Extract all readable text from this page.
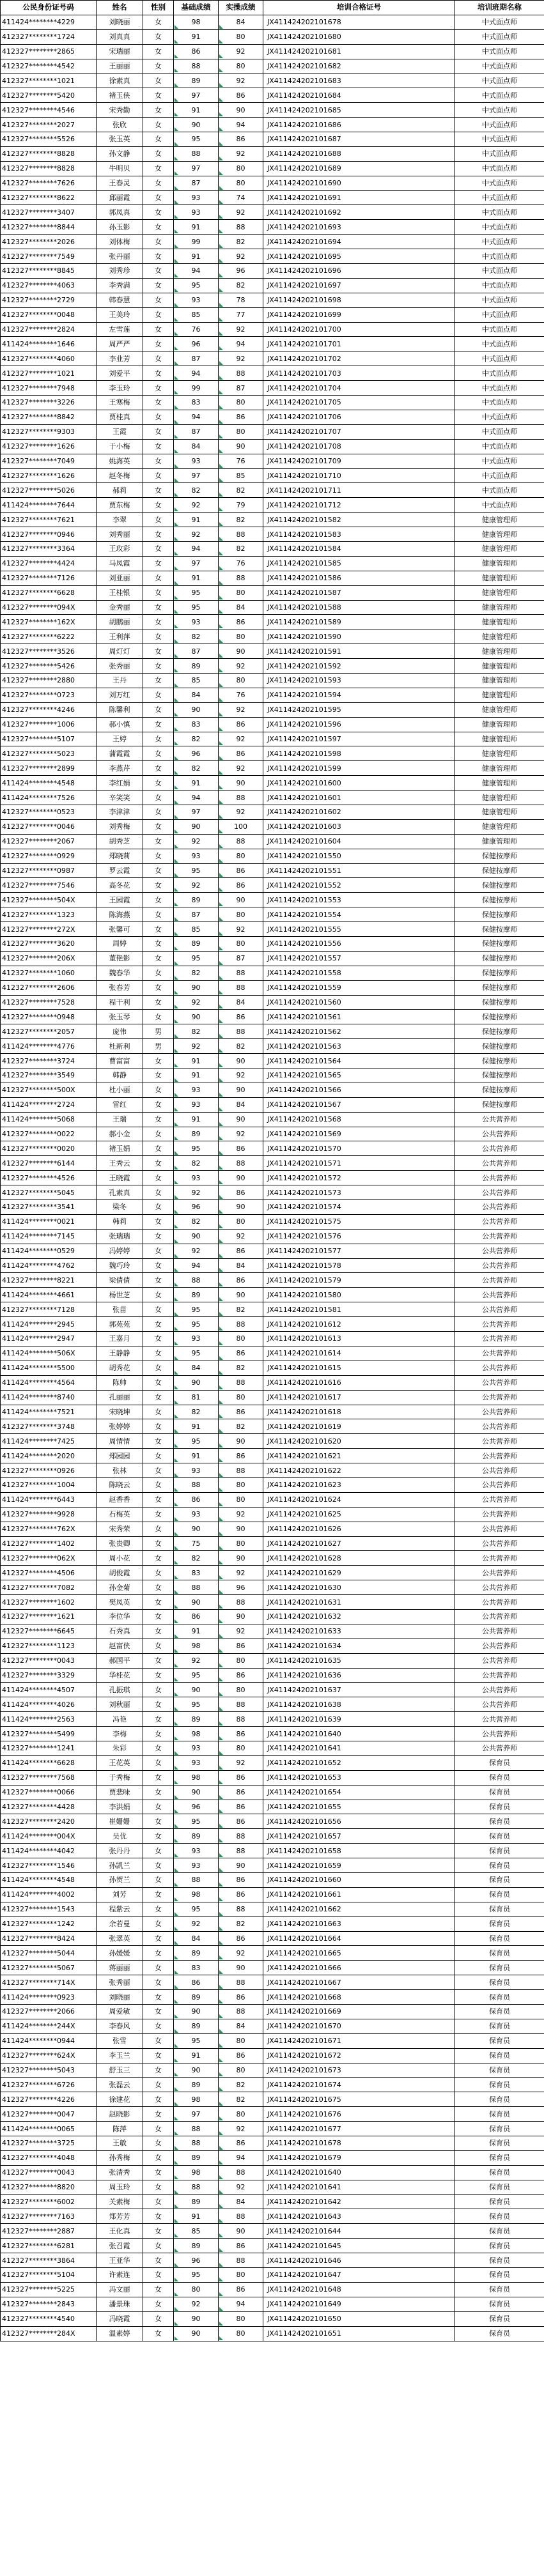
公民身份证号码	姓名	性别	基础成绩	实操成绩	培训合格证号	培训班期名称
411424********4229	刘晓丽	女	98	84	JX411424202101678	中式面点师
412327********1724	刘真真	女	91	80	JX411424202101680	中式面点师
412327********2865	宋瑞丽	女	86	92	JX411424202101681	中式面点师
412327********4542	王丽丽	女	88	80	JX411424202101682	中式面点师
412327********1021	徐素真	女	89	92	JX411424202101683	中式面点师
412327********5420	褚玉侠	女	97	86	JX411424202101684	中式面点师
412327********4546	宋秀勤	女	91	90	JX411424202101685	中式面点师
412327********2027	张欣	女	90	94	JX411424202101686	中式面点师
412327********5526	张玉英	女	95	86	JX411424202101687	中式面点师
412327********8828	孙文静	女	88	92	JX411424202101688	中式面点师
412327********8828	牛明贝	女	97	80	JX411424202101689	中式面点师
412327********7626	王春灵	女	87	80	JX411424202101690	中式面点师
412327********8622	邱丽霞	女	93	74	JX411424202101691	中式面点师
412327********3407	郭凤真	女	93	92	JX411424202101692	中式面点师
412327********8844	孙玉影	女	91	88	JX411424202101693	中式面点师
412327********2026	刘体梅	女	99	82	JX411424202101694	中式面点师
412327********7549	张丹丽	女	91	92	JX411424202101695	中式面点师
412327********8845	刘秀珍	女	94	96	JX411424202101696	中式面点师
412327********4063	李秀满	女	95	82	JX411424202101697	中式面点师
412327********2729	韩春慧	女	93	78	JX411424202101698	中式面点师
412327********0048	王美玲	女	85	77	JX411424202101699	中式面点师
412327********2824	左雪莲	女	76	92	JX411424202101700	中式面点师
411424********1646	周严严	女	96	94	JX411424202101701	中式面点师
412327********4060	李业芳	女	87	92	JX411424202101702	中式面点师
412327********1021	刘爱平	女	94	88	JX411424202101703	中式面点师
412327********7948	李玉玲	女	99	87	JX411424202101704	中式面点师
412327********3226	王寒梅	女	83	80	JX411424202101705	中式面点师
412327********8842	贾桂真	女	94	86	JX411424202101706	中式面点师
412327********9303	王霞	女	87	80	JX411424202101707	中式面点师
412327********1626	于小梅	女	84	90	JX411424202101708	中式面点师
412327********7049	姚海英	女	93	76	JX411424202101709	中式面点师
412327********1626	赵冬梅	女	97	85	JX411424202101710	中式面点师
412327********5026	郝莉	女	82	82	JX411424202101711	中式面点师
411424********7644	贾东梅	女	92	79	JX411424202101712	中式面点师
412327********7621	李翠	女	91	82	JX411424202101582	健康管理师
412327********0946	刘秀丽	女	92	88	JX411424202101583	健康管理师
412327********3364	王玫彩	女	94	82	JX411424202101584	健康管理师
412327********4424	马凤霞	女	97	76	JX411424202101585	健康管理师
412327********7126	刘亚丽	女	91	88	JX411424202101586	健康管理师
412327********6628	王桂银	女	95	80	JX411424202101587	健康管理师
412327********094X	金秀丽	女	95	84	JX411424202101588	健康管理师
412327********162X	胡鹏丽	女	93	86	JX411424202101589	健康管理师
412327********6222	王利萍	女	82	80	JX411424202101590	健康管理师
412327********3526	周灯灯	女	87	90	JX411424202101591	健康管理师
412327********5426	张秀丽	女	89	92	JX411424202101592	健康管理师
412327********2880	王丹	女	85	80	JX411424202101593	健康管理师
412327********0723	刘万红	女	84	76	JX411424202101594	健康管理师
412327********4246	陈馨利	女	90	92	JX411424202101595	健康管理师
412327********1006	郝小慎	女	83	86	JX411424202101596	健康管理师
412327********5107	王婷	女	82	92	JX411424202101597	健康管理师
412327********5023	蒲霞霞	女	96	86	JX411424202101598	健康管理师
412327********2899	李燕芹	女	82	92	JX411424202101599	健康管理师
411424********4548	李红娟	女	91	90	JX411424202101600	健康管理师
411424********7526	辛笑笑	女	94	88	JX411424202101601	健康管理师
412327********0523	李津津	女	97	92	JX411424202101602	健康管理师
412327********0046	刘秀梅	女	90	100	JX411424202101603	健康管理师
412327********2067	胡秀芝	女	92	88	JX411424202101604	健康管理师
412327********0929	郑晓莉	女	93	80	JX411424202101550	保健按摩师
412327********0987	罗云霞	女	95	86	JX411424202101551	保健按摩师
412327********7546	高冬花	女	92	86	JX411424202101552	保健按摩师
412327********504X	王园霞	女	89	90	JX411424202101553	保健按摩师
412327********1323	陈海燕	女	87	80	JX411424202101554	保健按摩师
412327********272X	张馨可	女	85	92	JX411424202101555	保健按摩师
412327********3620	周婷	女	89	80	JX411424202101556	保健按摩师
412327********206X	董艳影	女	95	87	JX411424202101557	保健按摩师
412327********1060	魏春华	女	82	88	JX411424202101558	保健按摩师
412327********2606	张春芳	女	90	88	JX411424202101559	保健按摩师
412327********7528	程干利	女	92	84	JX411424202101560	保健按摩师
412327********0948	张玉琴	女	90	86	JX411424202101561	保健按摩师
412327********2057	庞伟	男	82	88	JX411424202101562	保健按摩师
411424********4776	杜新利	男	92	82	JX411424202101563	保健按摩师
412327********3724	曹富富	女	91	90	JX411424202101564	保健按摩师
412327********3549	韩静	女	91	92	JX411424202101565	保健按摩师
412327********500X	杜小丽	女	93	90	JX411424202101566	保健按摩师
411424********2724	雷红	女	93	84	JX411424202101567	保健按摩师
411424********5068	王瑞	女	91	90	JX411424202101568	公共营养师
412327********0022	郝小金	女	89	92	JX411424202101569	公共营养师
412327********0020	褚玉娟	女	95	86	JX411424202101570	公共营养师
412327********6144	王秀云	女	82	88	JX411424202101571	公共营养师
412327********4526	王晓霞	女	93	90	JX411424202101572	公共营养师
412327********5045	孔素真	女	92	86	JX411424202101573	公共营养师
412327********3541	梁冬	女	96	90	JX411424202101574	公共营养师
411424********0021	韩莉	女	82	80	JX411424202101575	公共营养师
411424********7145	张瑞瑞	女	90	92	JX411424202101576	公共营养师
411424********0529	冯婷婷	女	92	86	JX411424202101577	公共营养师
411424********4762	魏巧玲	女	94	84	JX411424202101578	公共营养师
412327********8221	梁倩倩	女	88	86	JX411424202101579	公共营养师
411424********4661	杨世芝	女	89	90	JX411424202101580	公共营养师
412327********7128	张苗	女	95	82	JX411424202101581	公共营养师
411424********2945	郭苑苑	女	95	88	JX411424202101612	公共营养师
411424********2947	王嘉月	女	93	80	JX411424202101613	公共营养师
411424********506X	王静静	女	95	86	JX411424202101614	公共营养师
411424********5500	胡秀花	女	84	82	JX411424202101615	公共营养师
411424********4564	陈帅	女	90	88	JX411424202101616	公共营养师
411424********8740	孔丽丽	女	81	80	JX411424202101617	公共营养师
411424********7521	宋晓坤	女	82	86	JX411424202101618	公共营养师
412327********3748	张婷婷	女	91	82	JX411424202101619	公共营养师
411424********7425	周情情	女	95	90	JX411424202101620	公共营养师
411424********2020	郑园园	女	91	86	JX411424202101621	公共营养师
412327********0926	张林	女	93	88	JX411424202101622	公共营养师
412327********1004	陈晓云	女	88	80	JX411424202101623	公共营养师
411424********6443	赵香香	女	86	80	JX411424202101624	公共营养师
412327********9928	石梅英	女	93	92	JX411424202101625	公共营养师
412327********762X	宋秀荣	女	90	90	JX411424202101626	公共营养师
412327********1402	张贵卿	女	75	80	JX411424202101627	公共营养师
412327********062X	周小花	女	82	90	JX411424202101628	公共营养师
412327********4506	胡俊霞	女	83	92	JX411424202101629	公共营养师
412327********7082	孙金菊	女	88	96	JX411424202101630	公共营养师
412327********1602	樊凤英	女	90	88	JX411424202101631	公共营养师
412327********1621	李位华	女	86	90	JX411424202101632	公共营养师
412327********6645	石秀真	女	91	92	JX411424202101633	公共营养师
412327********1123	赵富侠	女	98	86	JX411424202101634	公共营养师
412327********0043	郝国平	女	92	80	JX411424202101635	公共营养师
412327********3329	华桂花	女	95	86	JX411424202101636	公共营养师
411424********4507	孔振琪	女	90	80	JX411424202101637	公共营养师
411424********4026	刘秋丽	女	95	88	JX411424202101638	公共营养师
411424********2563	冯艳	女	89	88	JX411424202101639	公共营养师
412327********5499	李梅	女	98	86	JX411424202101640	公共营养师
412327********1241	朱彩	女	93	80	JX411424202101641	公共营养师
411424********6628	王花英	女	93	92	JX411424202101652	保育员
412327********7568	于秀梅	女	98	86	JX411424202101653	保育员
412327********0066	贾悲味	女	90	86	JX411424202101654	保育员
412327********4428	李洪娟	女	96	86	JX411424202101655	保育员
412327********2420	崔姗姗	女	95	86	JX411424202101656	保育员
411424********004X	吴优	女	89	88	JX411424202101657	保育员
411424********4042	张丹丹	女	93	88	JX411424202101658	保育员
412327********1546	孙凯兰	女	93	90	JX411424202101659	保育员
411424********4548	孙贺兰	女	88	86	JX411424202101660	保育员
411424********4002	刘芳	女	98	86	JX411424202101661	保育员
412327********1543	程紫云	女	95	88	JX411424202101662	保育员
412327********1242	余若曼	女	92	82	JX411424202101663	保育员
412327********8424	张翠英	女	84	86	JX411424202101664	保育员
412327********5044	孙媛媛	女	89	92	JX411424202101665	保育员
412327********5067	蒋丽丽	女	83	90	JX411424202101666	保育员
412327********714X	张秀丽	女	86	88	JX411424202101667	保育员
411424********0923	刘晓丽	女	89	86	JX411424202101668	保育员
412327********2066	周爱敏	女	90	88	JX411424202101669	保育员
411424********244X	李春风	女	89	84	JX411424202101670	保育员
411424********0944	张雪	女	95	80	JX411424202101671	保育员
412327********624X	李玉兰	女	91	86	JX411424202101672	保育员
412327********5043	舒玉三	女	90	80	JX411424202101673	保育员
412327********6726	张磊云	女	89	82	JX411424202101674	保育员
412327********4226	徐建花	女	98	82	JX411424202101675	保育员
412327********0047	赵晓影	女	97	80	JX411424202101676	保育员
411424********0065	陈萍	女	88	92	JX411424202101677	保育员
412327********3725	王敏	女	88	86	JX411424202101678	保育员
412327********4048	孙秀梅	女	89	94	JX411424202101679	保育员
412327********0043	张清秀	女	98	88	JX411424202101640	保育员
412327********8820	周玉玲	女	88	92	JX411424202101641	保育员
412327********6002	关素梅	女	89	84	JX411424202101642	保育员
412327********7163	郑芳芳	女	91	88	JX411424202101643	保育员
412327********2887	王化真	女	85	90	JX411424202101644	保育员
412327********6281	张召霞	女	89	86	JX411424202101645	保育员
412327********3864	王亚华	女	96	88	JX411424202101646	保育员
412327********5104	许素连	女	95	80	JX411424202101647	保育员
412327********5225	冯文丽	女	80	86	JX411424202101648	保育员
412327********2843	潘景珠	女	92	94	JX411424202101649	保育员
412327********4540	冯晓霞	女	90	80	JX411424202101650	保育员
412327********284X	温素婷	女	90	80	JX411424202101651	保育员
